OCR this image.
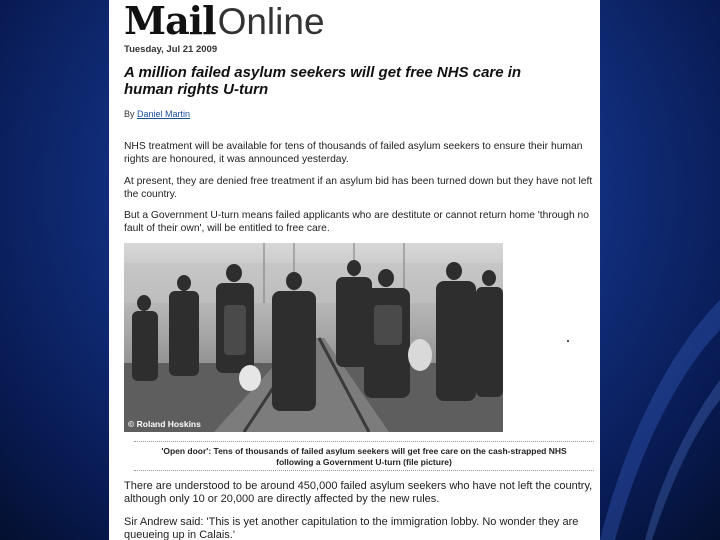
Mail Online
Tuesday, Jul 21 2009
A million failed asylum seekers will get free NHS care in
human rights U-turn
By Daniel Martin
NHS treatment will be available for tens of thousands of failed asylum seekers to ensure their human rights are honoured, it was announced yesterday.
At present, they are denied free treatment if an asylum bid has been turned down but they have not left the country.
But a Government U-turn means failed applicants who are destitute or cannot return home 'through no fault of their own', will be entitled to free care.
© Roland Hoskins
'Open door': Tens of thousands of failed asylum seekers will get free care on the cash-strapped NHS
following a Government U-turn (file picture)
There are understood to be around 450,000 failed asylum seekers who have not left the country, although only 10 or 20,000 are directly affected by the new rules.
Sir Andrew said: 'This is yet another capitulation to the immigration lobby. No wonder they are queueing up in Calais.'
